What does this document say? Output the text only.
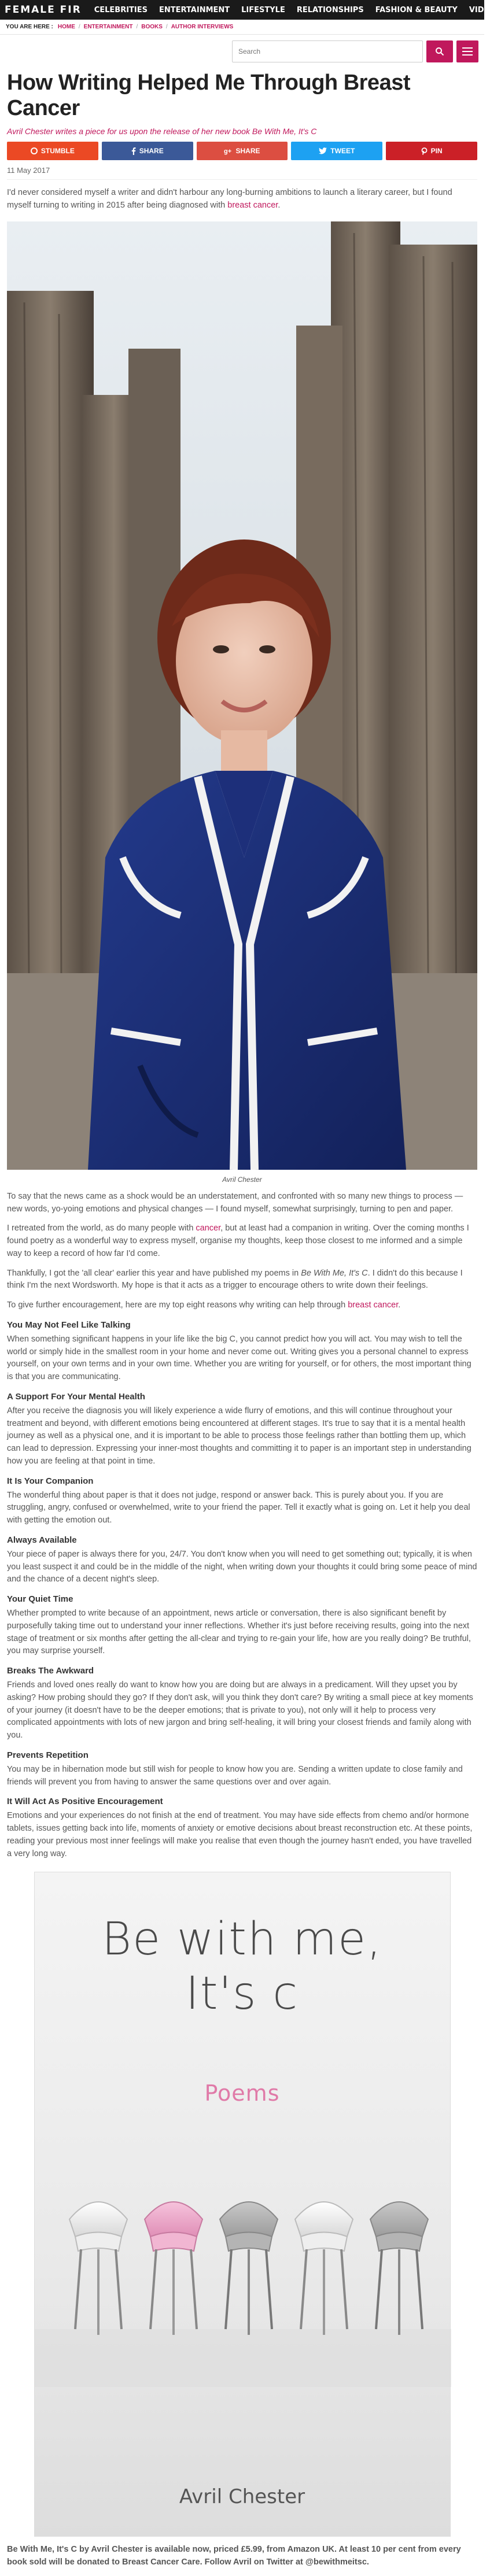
FEMALE FIR CELEBRITIES ENTERTAINMENT LIFESTYLE RELATIONSHIPS FASHION & BEAUTY VIDEO
YOU ARE HERE : HOME / ENTERTAINMENT / BOOKS / AUTHOR INTERVIEWS
Search
How Writing Helped Me Through Breast Cancer
Avril Chester writes a piece for us upon the release of her new book Be With Me, It's C
STUMBLE	SHARE	g+ SHARE	TWEET	PIN
11 May 2017

I'd never considered myself a writer and didn't harbour any long-burning ambitions to launch a literary career, but I found myself turning to writing in 2015 after being diagnosed with breast cancer.

Avril Chester

To say that the news came as a shock would be an understatement, and confronted with so many new things to process — new words, yo-yoing emotions and physical changes — I found myself, somewhat surprisingly, turning to pen and paper.

I retreated from the world, as do many people with cancer, but at least had a companion in writing. Over the coming months I found poetry as a wonderful way to express myself, organise my thoughts, keep those closest to me informed and a simple way to keep a record of how far I'd come.

Thankfully, I got the 'all clear' earlier this year and have published my poems in Be With Me, It's C. I didn't do this because I think I'm the next Wordsworth. My hope is that it acts as a trigger to encourage others to write down their feelings.

To give further encouragement, here are my top eight reasons why writing can help through breast cancer.

You May Not Feel Like Talking

When something significant happens in your life like the big C, you cannot predict how you will act. You may wish to tell the world or simply hide in the smallest room in your home and never come out. Writing gives you a personal channel to express yourself, on your own terms and in your own time. Whether you are writing for yourself, or for others, the most important thing is that you are communicating.

A Support For Your Mental Health

After you receive the diagnosis you will likely experience a wide flurry of emotions, and this will continue throughout your treatment and beyond, with different emotions being encountered at different stages. It's true to say that it is a mental health journey as well as a physical one, and it is important to be able to process those feelings rather than bottling them up, which can lead to depression. Expressing your inner-most thoughts and committing it to paper is an important step in understanding how you are feeling at that point in time.

It Is Your Companion

The wonderful thing about paper is that it does not judge, respond or answer back. This is purely about you. If you are struggling, angry, confused or overwhelmed, write to your friend the paper. Tell it exactly what is going on. Let it help you deal with getting the emotion out.

Always Available

Your piece of paper is always there for you, 24/7. You don't know when you will need to get something out; typically, it is when you least suspect it and could be in the middle of the night, when writing down your thoughts it could bring some peace of mind and the chance of a decent night's sleep.

Your Quiet Time

Whether prompted to write because of an appointment, news article or conversation, there is also significant benefit by purposefully taking time out to understand your inner reflections. Whether it's just before receiving results, going into the next stage of treatment or six months after getting the all-clear and trying to re-gain your life, how are you really doing? Be truthful, you may surprise yourself.

Breaks The Awkward

Friends and loved ones really do want to know how you are doing but are always in a predicament. Will they upset you by asking? How probing should they go? If they don't ask, will you think they don't care? By writing a small piece at key moments of your journey (it doesn't have to be the deeper emotions; that is private to you), not only will it help to process very complicated appointments with lots of new jargon and bring self-healing, it will bring your closest friends and family along with you.

Prevents Repetition

You may be in hibernation mode but still wish for people to know how you are. Sending a written update to close family and friends will prevent you from having to answer the same questions over and over again.

It Will Act As Positive Encouragement

Emotions and your experiences do not finish at the end of treatment. You may have side effects from chemo and/or hormone tablets, issues getting back into life, moments of anxiety or emotive decisions about breast reconstruction etc. At these points, reading your previous most inner feelings will make you realise that even though the journey hasn't ended, you have travelled a very long way.

Be with me,
It's c
Poems
Avril Chester

Be With Me, It's C by Avril Chester is available now, priced £5.99, from Amazon UK. At least 10 per cent from every book sold will be donated to Breast Cancer Care. Follow Avril on Twitter at @bewithmeitsc.
